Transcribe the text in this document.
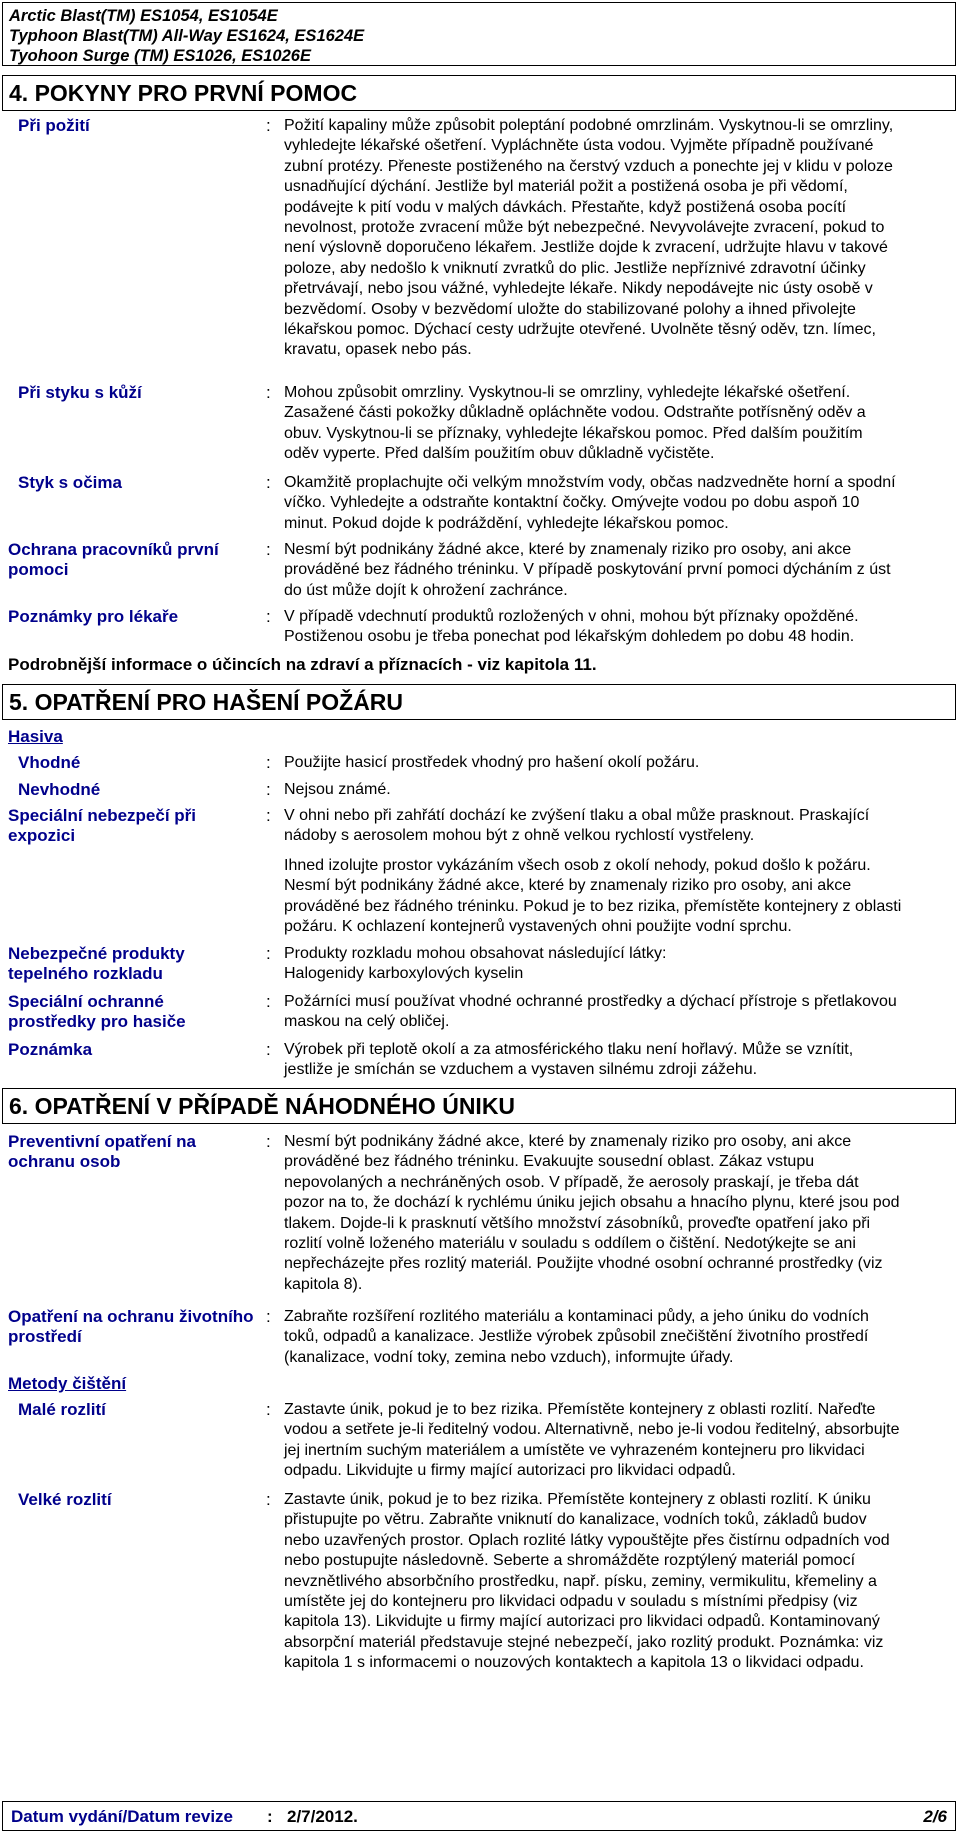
Arctic Blast(TM) ES1054, ES1054E
Typhoon Blast(TM) All-Way ES1624, ES1624E
Tyohoon Surge (TM) ES1026, ES1026E
4. POKYNY PRO PRVNÍ POMOC
Při požití	: Požití kapaliny může způsobit poleptání podobné omrzlinám. Vyskytnou-li se omrzliny,
vyhledejte lékařské ošetření. Vypláchněte ústa vodou. Vyjměte případně používané
zubní protézy. Přeneste postiženého na čerstvý vzduch a ponechte jej v klidu v poloze
usnadňující dýchání. Jestliže byl materiál požit a postižená osoba je při vědomí,
podávejte k pití vodu v malých dávkách. Přestaňte, když postižená osoba pocítí
nevolnost, protože zvracení může být nebezpečné. Nevyvolávejte zvracení, pokud to
není výslovně doporučeno lékařem. Jestliže dojde k zvracení, udržujte hlavu v takové
poloze, aby nedošlo k vniknutí zvratků do plic. Jestliže nepříznivé zdravotní účinky
přetrvávají, nebo jsou vážné, vyhledejte lékaře. Nikdy nepodávejte nic ústy osobě v
bezvědomí. Osoby v bezvědomí uložte do stabilizované polohy a ihned přivolejte
lékařskou pomoc. Dýchací cesty udržujte otevřené. Uvolněte těsný oděv, tzn. límec,
kravatu, opasek nebo pás.
Při styku s kůží	: Mohou způsobit omrzliny. Vyskytnou-li se omrzliny, vyhledejte lékařské ošetření.
Zasažené části pokožky důkladně opláchněte vodou. Odstraňte potřísněný oděv a
obuv. Vyskytnou-li se příznaky, vyhledejte lékařskou pomoc. Před dalším použitím
oděv vyperte. Před dalším použitím obuv důkladně vyčistěte.
Styk s očima	: Okamžitě proplachujte oči velkým množstvím vody, občas nadzvedněte horní a spodní
víčko. Vyhledejte a odstraňte kontaktní čočky. Omývejte vodou po dobu aspoň 10
minut. Pokud dojde k podráždění, vyhledejte lékařskou pomoc.
Ochrana pracovníků první
pomoci
: Nesmí být podnikány žádné akce, které by znamenaly riziko pro osoby, ani akce
prováděné bez řádného tréninku. V případě poskytování první pomoci dýcháním z úst
do úst může dojít k ohrožení zachránce.
Poznámky pro lékaře	: V případě vdechnutí produktů rozložených v ohni, mohou být příznaky opožděné.
Postiženou osobu je třeba ponechat pod lékařským dohledem po dobu 48 hodin.
Podrobnější informace o účincích na zdraví a příznacích - viz kapitola 11.
5. OPATŘENÍ PRO HAŠENÍ POŽÁRU
Hasiva
Vhodné	: Použijte hasicí prostředek vhodný pro hašení okolí požáru.
Nevhodné	: Nejsou známé.
Speciální nebezpečí při
expozici
: V ohni nebo při zahřátí dochází ke zvýšení tlaku a obal může prasknout. Praskající
nádoby s aerosolem mohou být z ohně velkou rychlostí vystřeleny.
Ihned izolujte prostor vykázáním všech osob z okolí nehody, pokud došlo k požáru.
Nesmí být podnikány žádné akce, které by znamenaly riziko pro osoby, ani akce
prováděné bez řádného tréninku. Pokud je to bez rizika, přemístěte kontejnery z oblasti
požáru. K ochlazení kontejnerů vystavených ohni použijte vodní sprchu.
Nebezpečné produkty
tepelného rozkladu
: Produkty rozkladu mohou obsahovat následující látky:
Halogenidy karboxylových kyselin
Speciální ochranné
prostředky pro hasiče
: Požárníci musí používat vhodné ochranné prostředky a dýchací přístroje s přetlakovou
maskou na celý obličej.
Poznámka	: Výrobek při teplotě okolí a za atmosférického tlaku není hořlavý. Může se vznítit,
jestliže je smíchán se vzduchem a vystaven silnému zdroji zážehu.
6. OPATŘENÍ V PŘÍPADĚ NÁHODNÉHO ÚNIKU
Preventivní opatření na
ochranu osob
: Nesmí být podnikány žádné akce, které by znamenaly riziko pro osoby, ani akce
prováděné bez řádného tréninku. Evakuujte sousední oblast. Zákaz vstupu
nepovolaných a nechráněných osob. V případě, že aerosoly praskají, je třeba dát
pozor na to, že dochází k rychlému úniku jejich obsahu a hnacího plynu, které jsou pod
tlakem. Dojde-li k prasknutí většího množství zásobníků, proveďte opatření jako při
rozlití volně loženého materiálu v souladu s oddílem o čištění. Nedotýkejte se ani
nepřecházejte přes rozlitý materiál. Použijte vhodné osobní ochranné prostředky (viz
kapitola 8).
Opatření na ochranu životního
prostředí
: Zabraňte rozšíření rozlitého materiálu a kontaminaci půdy, a jeho úniku do vodních
toků, odpadů a kanalizace. Jestliže výrobek způsobil znečištění životního prostředí
(kanalizace, vodní toky, zemina nebo vzduch), informujte úřady.
Metody čištění
Malé rozlití	: Zastavte únik, pokud je to bez rizika. Přemístěte kontejnery z oblasti rozlití. Nařeďte
vodou a setřete je-li ředitelný vodou. Alternativně, nebo je-li vodou ředitelný, absorbujte
jej inertním suchým materiálem a umístěte ve vyhrazeném kontejneru pro likvidaci
odpadu. Likvidujte u firmy mající autorizaci pro likvidaci odpadů.
Velké rozlití	: Zastavte únik, pokud je to bez rizika. Přemístěte kontejnery z oblasti rozlití. K úniku
přistupujte po větru. Zabraňte vniknutí do kanalizace, vodních toků, základů budov
nebo uzavřených prostor. Oplach rozlité látky vypouštějte přes čistírnu odpadních vod
nebo postupujte následovně. Seberte a shromážděte rozptýlený materiál pomocí
nevznětlivého absorbčního prostředku, např. písku, zeminy, vermikulitu, křemeliny a
umístěte jej do kontejneru pro likvidaci odpadu v souladu s místními předpisy (viz
kapitola 13). Likvidujte u firmy mající autorizaci pro likvidaci odpadů. Kontaminovaný
absorpční materiál představuje stejné nebezpečí, jako rozlitý produkt. Poznámka: viz
kapitola 1 s informacemi o nouzových kontaktech a kapitola 13 o likvidaci odpadu.
Datum vydání/Datum revize : 2/7/2012.	2/6
